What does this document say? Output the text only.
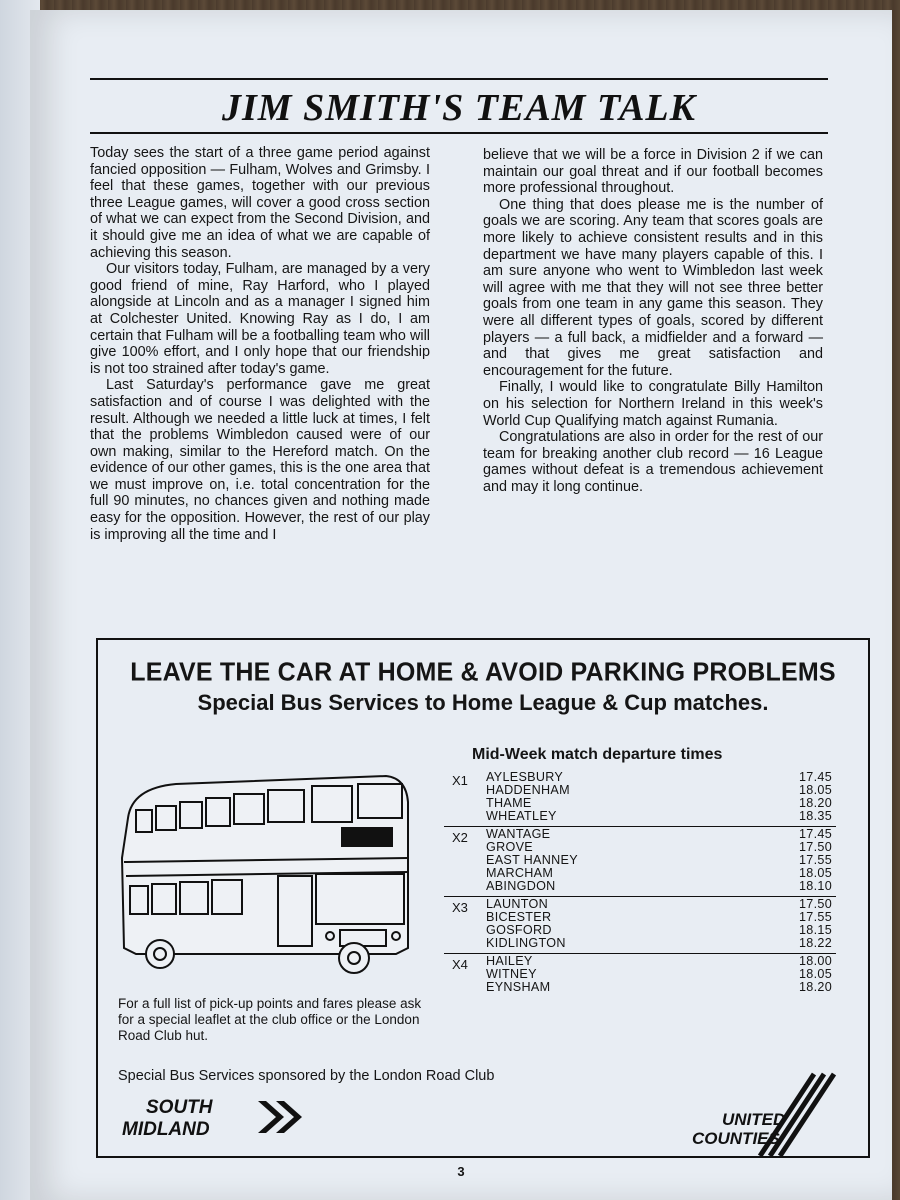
JIM SMITH'S TEAM TALK

Today sees the start of a three game period against fancied opposition — Fulham, Wolves and Grimsby. I feel that these games, together with our previous three League games, will cover a good cross section of what we can expect from the Second Division, and it should give me an idea of what we are capable of achieving this season.

Our visitors today, Fulham, are managed by a very good friend of mine, Ray Harford, who I played alongside at Lincoln and as a manager I signed him at Colchester United. Knowing Ray as I do, I am certain that Fulham will be a footballing team who will give 100% effort, and I only hope that our friendship is not too strained after today's game.

Last Saturday's performance gave me great satisfaction and of course I was delighted with the result. Although we needed a little luck at times, I felt that the problems Wimbledon caused were of our own making, similar to the Hereford match. On the evidence of our other games, this is the one area that we must improve on, i.e. total concentration for the full 90 minutes, no chances given and nothing made easy for the opposition. However, the rest of our play is improving all the time and I

believe that we will be a force in Division 2 if we can maintain our goal threat and if our football becomes more professional throughout.

One thing that does please me is the number of goals we are scoring. Any team that scores goals are more likely to achieve consistent results and in this department we have many players capable of this. I am sure anyone who went to Wimbledon last week will agree with me that they will not see three better goals from one team in any game this season. They were all different types of goals, scored by different players — a full back, a midfielder and a forward — and that gives me great satisfaction and encouragement for the future.

Finally, I would like to congratulate Billy Hamilton on his selection for Northern Ireland in this week's World Cup Qualifying match against Rumania.

Congratulations are also in order for the rest of our team for breaking another club record — 16 League games without defeat is a tremendous achievement and may it long continue.

LEAVE THE CAR AT HOME & AVOID PARKING PROBLEMS
Special Bus Services to Home League & Cup matches.
Mid-Week match departure times
X1 AYLESBURY	17.45
HADDENHAM	18.05
THAME	18.20
WHEATLEY	18.35
X2 WANTAGE	17.45
GROVE	17.50
EAST HANNEY	17.55
MARCHAM	18.05
ABINGDON	18.10
X3 LAUNTON	17.50
BICESTER	17.55
GOSFORD	18.15
KIDLINGTON	18.22
X4 HAILEY	18.00
WITNEY	18.05
EYNSHAM	18.20
For a full list of pick-up points and fares please ask for a special leaflet at the club office or the London Road Club hut.
Special Bus Services sponsored by the London Road Club
SOUTH
MIDLAND	UNITED
COUNTIES
3
